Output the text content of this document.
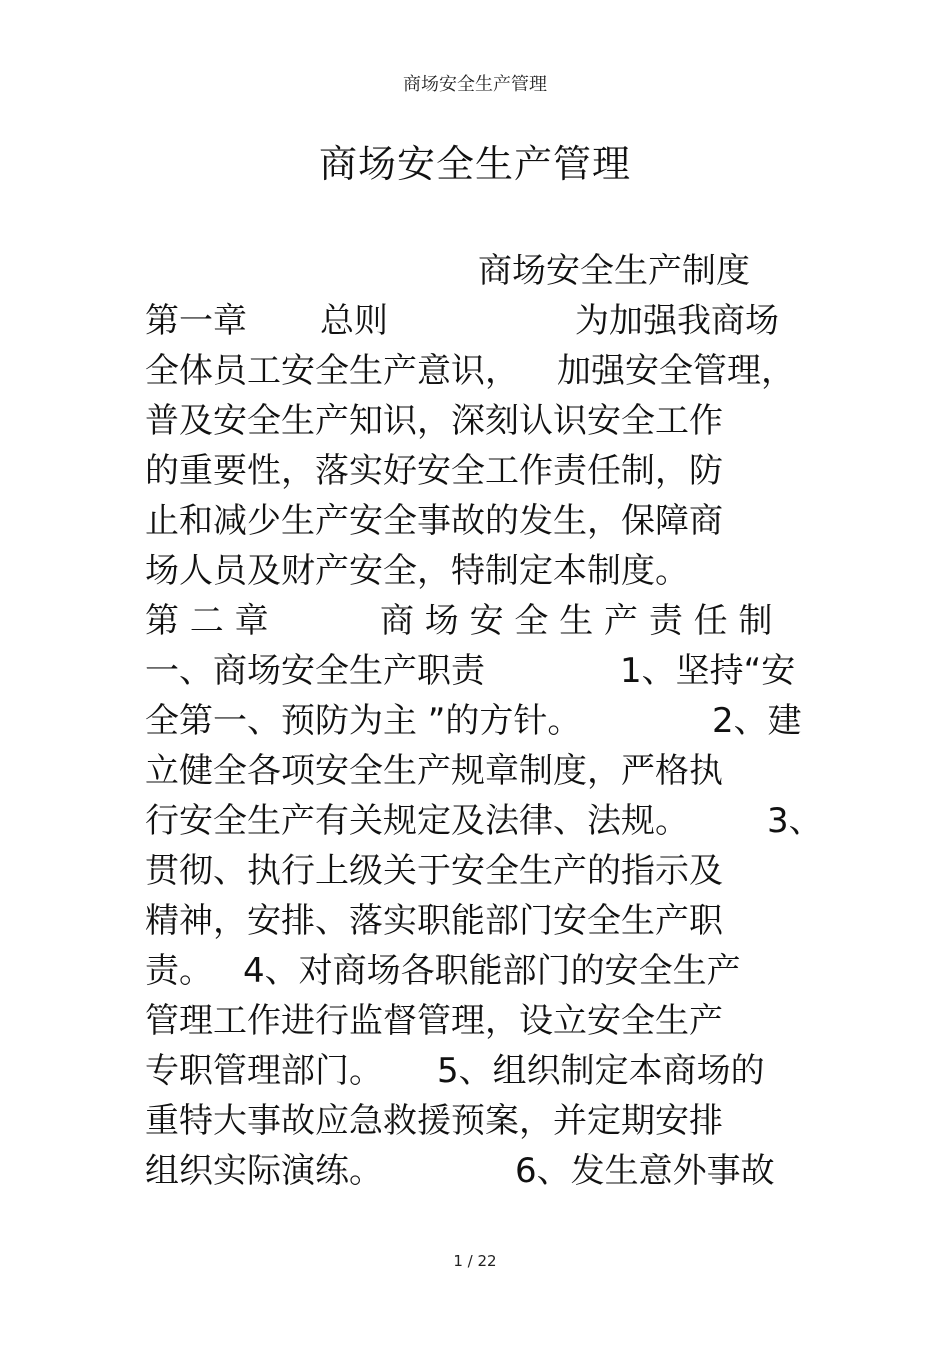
商场安全生产管理
商场安全生产管理
商场安全生产制度
第一章 总则	为加强我商场
全体员工安全生产意识， 加强安全管理，
普及安全生产知识，深刻认识安全工作
的重要性，落实好安全工作责任制，防
止和减少生产安全事故的发生，保障商
场人员及财产安全，特制定本制度。
第 二 章	商 场 安 全 生 产 责 任 制
一、商场安全生产职责	1、坚持“安
全第一、预防为主 ”的方针。	2、建
立健全各项安全生产规章制度，严格执
行安全生产有关规定及法律、法规。 3、
贯彻、执行上级关于安全生产的指示及
精神，安排、落实职能部门安全生产职
责。 4、对商场各职能部门的安全生产
管理工作进行监督管理，设立安全生产
专职管理部门。 5、组织制定本商场的
重特大事故应急救援预案，并定期安排
组织实际演练。	6、发生意外事故
1 / 22
